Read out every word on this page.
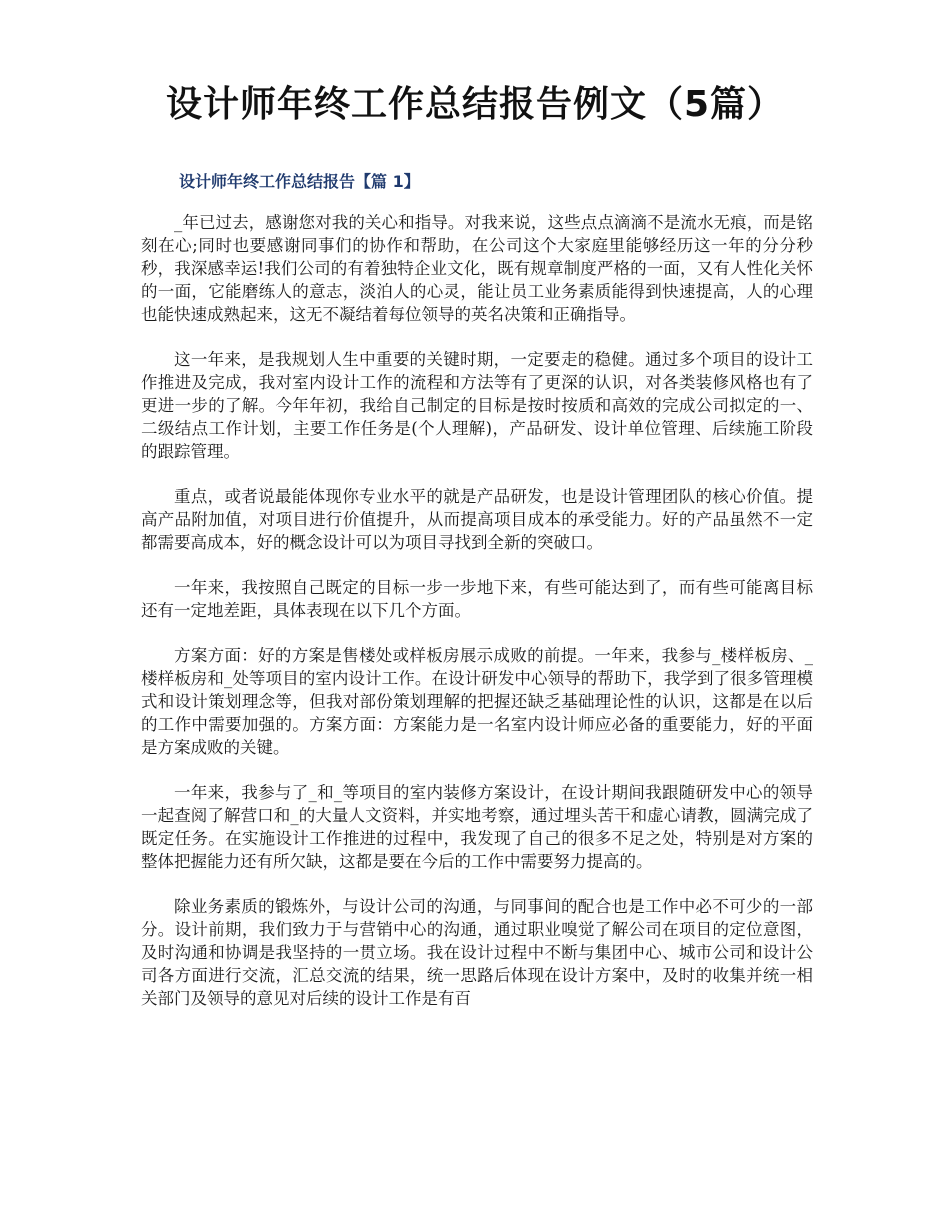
设计师年终工作总结报告例文（5篇）
设计师年终工作总结报告【篇 1】

_年已过去，感谢您对我的关心和指导。对我来说，这些点点滴滴不是流水无痕，而是铭刻在心;同时也要感谢同事们的协作和帮助，在公司这个大家庭里能够经历这一年的分分秒秒，我深感幸运!我们公司的有着独特企业文化，既有规章制度严格的一面，又有人性化关怀的一面，它能磨练人的意志，淡泊人的心灵，能让员工业务素质能得到快速提高，人的心理也能快速成熟起来，这无不凝结着每位领导的英名决策和正确指导。

这一年来，是我规划人生中重要的关键时期，一定要走的稳健。通过多个项目的设计工作推进及完成，我对室内设计工作的流程和方法等有了更深的认识，对各类装修风格也有了更进一步的了解。今年年初，我给自己制定的目标是按时按质和高效的完成公司拟定的一、二级结点工作计划，主要工作任务是(个人理解)，产品研发、设计单位管理、后续施工阶段的跟踪管理。

重点，或者说最能体现你专业水平的就是产品研发，也是设计管理团队的核心价值。提高产品附加值，对项目进行价值提升，从而提高项目成本的承受能力。好的产品虽然不一定都需要高成本，好的概念设计可以为项目寻找到全新的突破口。

一年来，我按照自己既定的目标一步一步地下来，有些可能达到了，而有些可能离目标还有一定地差距，具体表现在以下几个方面。

方案方面：好的方案是售楼处或样板房展示成败的前提。一年来，我参与_楼样板房、_楼样板房和_处等项目的室内设计工作。在设计研发中心领导的帮助下，我学到了很多管理模式和设计策划理念等，但我对部份策划理解的把握还缺乏基础理论性的认识，这都是在以后的工作中需要加强的。方案方面：方案能力是一名室内设计师应必备的重要能力，好的平面是方案成败的关键。

一年来，我参与了_和_等项目的室内装修方案设计，在设计期间我跟随研发中心的领导一起查阅了解营口和_的大量人文资料，并实地考察，通过埋头苦干和虚心请教，圆满完成了既定任务。在实施设计工作推进的过程中，我发现了自己的很多不足之处，特别是对方案的整体把握能力还有所欠缺，这都是要在今后的工作中需要努力提高的。

除业务素质的锻炼外，与设计公司的沟通，与同事间的配合也是工作中必不可少的一部分。设计前期，我们致力于与营销中心的沟通，通过职业嗅觉了解公司在项目的定位意图，及时沟通和协调是我坚持的一贯立场。我在设计过程中不断与集团中心、城市公司和设计公司各方面进行交流，汇总交流的结果，统一思路后体现在设计方案中，及时的收集并统一相关部门及领导的意见对后续的设计工作是有百
